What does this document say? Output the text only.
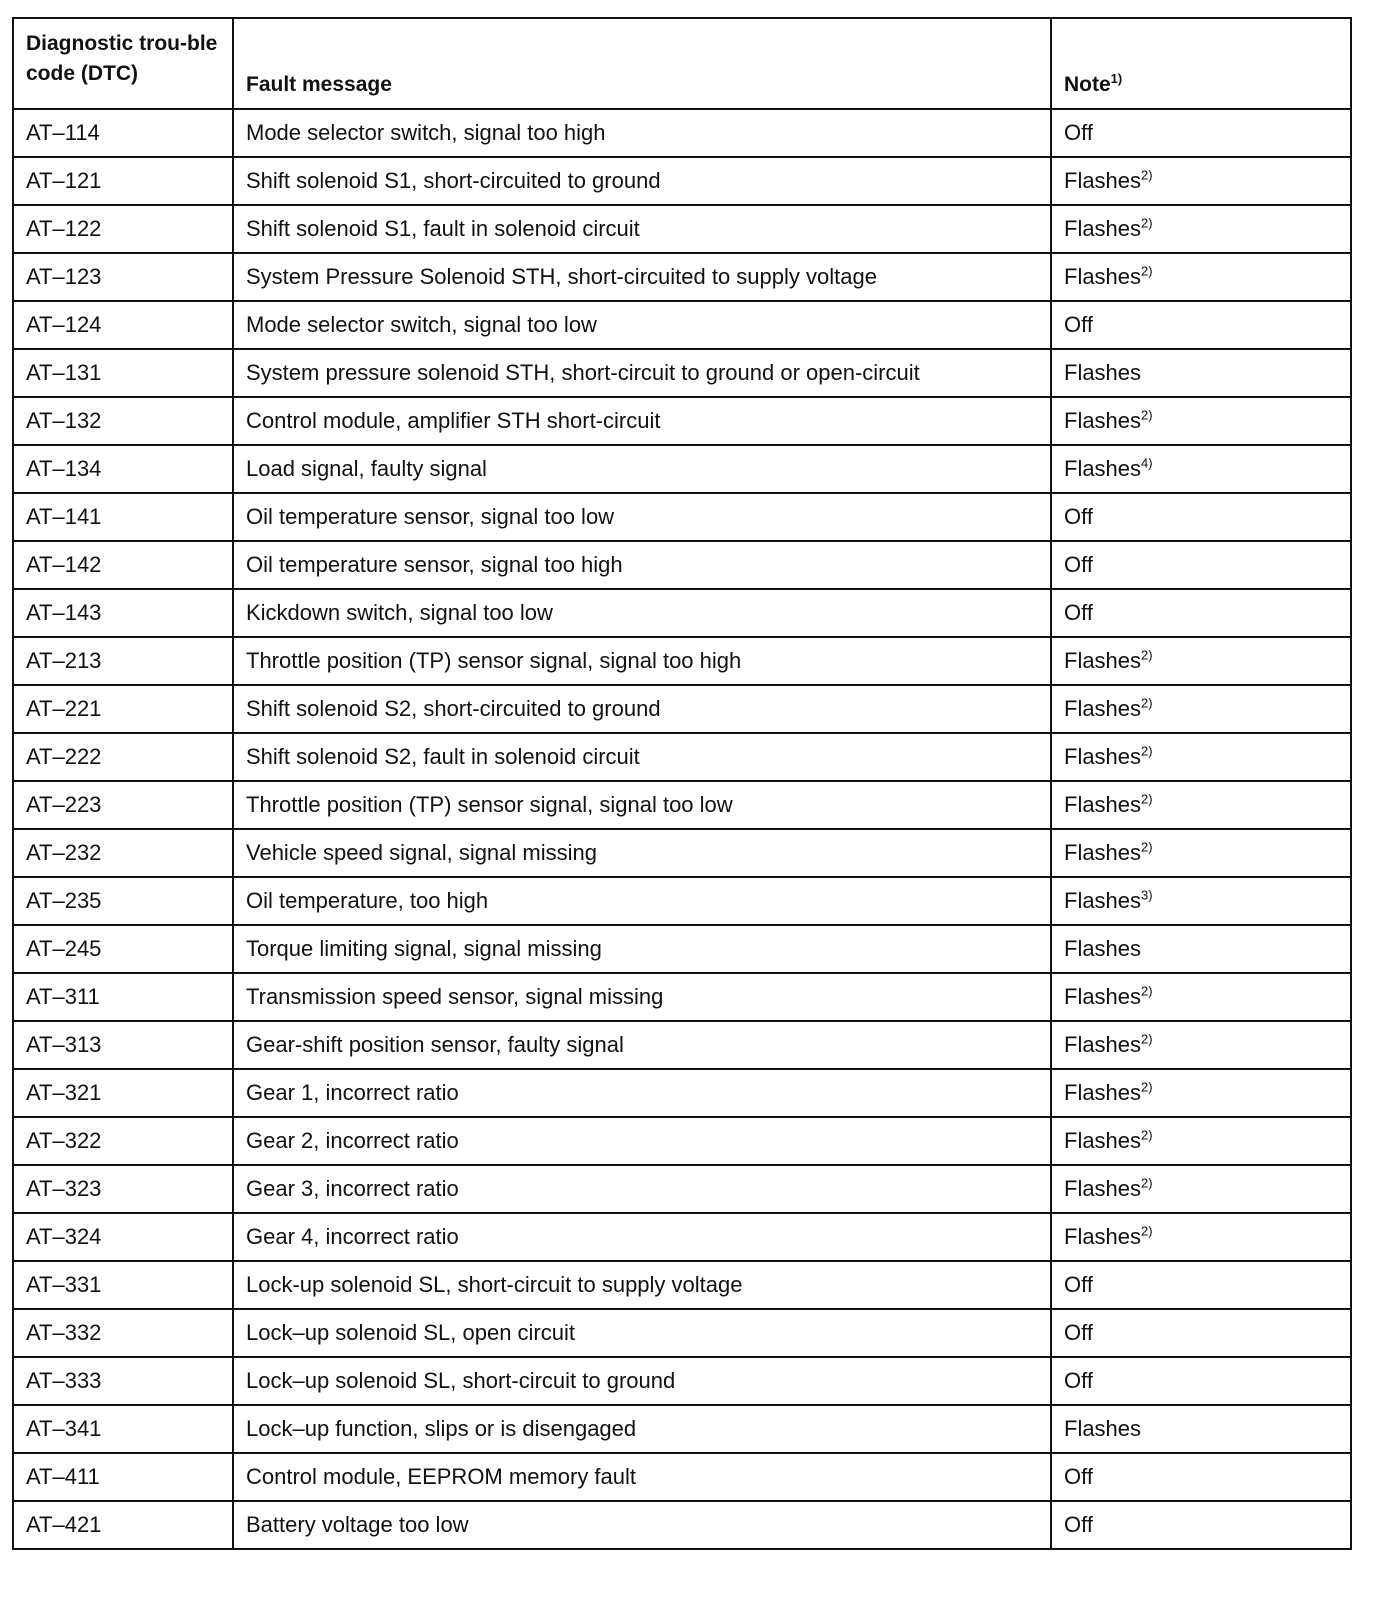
Diagnostic trou-ble code (DTC)	Fault message	Note$^{1)}$
AT–114	Mode selector switch, signal too high	Off
AT–121	Shift solenoid S1, short-circuited to ground	Flashes$^{2)}$
AT–122	Shift solenoid S1, fault in solenoid circuit	Flashes$^{2)}$
AT–123	System Pressure Solenoid STH, short-circuited to supply voltage	Flashes$^{2)}$
AT–124	Mode selector switch, signal too low	Off
AT–131	System pressure solenoid STH, short-circuit to ground or open-circuit	Flashes
AT–132	Control module, amplifier STH short-circuit	Flashes$^{2)}$
AT–134	Load signal, faulty signal	Flashes$^{4)}$
AT–141	Oil temperature sensor, signal too low	Off
AT–142	Oil temperature sensor, signal too high	Off
AT–143	Kickdown switch, signal too low	Off
AT–213	Throttle position (TP) sensor signal, signal too high	Flashes$^{2)}$
AT–221	Shift solenoid S2, short-circuited to ground	Flashes$^{2)}$
AT–222	Shift solenoid S2, fault in solenoid circuit	Flashes$^{2)}$
AT–223	Throttle position (TP) sensor signal, signal too low	Flashes$^{2)}$
AT–232	Vehicle speed signal, signal missing	Flashes$^{2)}$
AT–235	Oil temperature, too high	Flashes$^{3)}$
AT–245	Torque limiting signal, signal missing	Flashes
AT–311	Transmission speed sensor, signal missing	Flashes$^{2)}$
AT–313	Gear-shift position sensor, faulty signal	Flashes$^{2)}$
AT–321	Gear 1, incorrect ratio	Flashes$^{2)}$
AT–322	Gear 2, incorrect ratio	Flashes$^{2)}$
AT–323	Gear 3, incorrect ratio	Flashes$^{2)}$
AT–324	Gear 4, incorrect ratio	Flashes$^{2)}$
AT–331	Lock-up solenoid SL, short-circuit to supply voltage	Off
AT–332	Lock–up solenoid SL, open circuit	Off
AT–333	Lock–up solenoid SL, short-circuit to ground	Off
AT–341	Lock–up function, slips or is disengaged	Flashes
AT–411	Control module, EEPROM memory fault	Off
AT–421	Battery voltage too low	Off
